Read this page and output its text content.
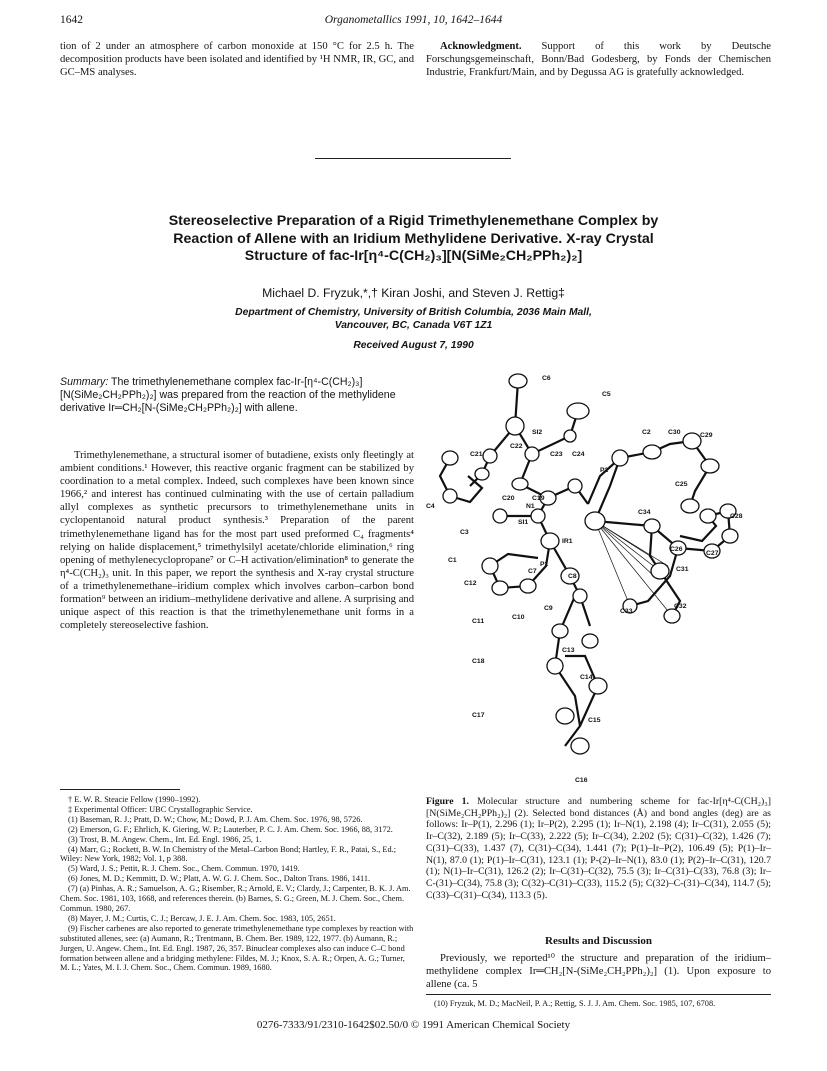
1642	Organometallics 1991, 10, 1642–1644

tion of 2 under an atmosphere of carbon monoxide at 150 °C for 2.5 h. The decomposition products have been isolated and identified by ¹H NMR, IR, GC, and GC–MS analyses.

Acknowledgment. Support of this work by Deutsche Forschungsgemeinschaft, Bonn/Bad Godesberg, by Fonds der Chemischen Industrie, Frankfurt/Main, and by Degussa AG is gratefully acknowledged.

Stereoselective Preparation of a Rigid Trimethylenemethane Complex by
Reaction of Allene with an Iridium Methylidene Derivative. X-ray Crystal
Structure of fac-Ir[η⁴-C(CH₂)₃][N(SiMe₂CH₂PPh₂)₂]
Michael D. Fryzuk,*,† Kiran Joshi, and Steven J. Rettig‡
Department of Chemistry, University of British Columbia, 2036 Main Mall,
Vancouver, BC, Canada V6T 1Z1
Received August 7, 1990
Summary: The trimethylenemethane complex fac-Ir-[η⁴-C(CH₂)₃][N(SiMe₂CH₂PPh₂)₂] was prepared from the reaction of the methylidene derivative Ir═CH₂[N-(SiMe₂CH₂PPh₂)₂] with allene.

Trimethylenemethane, a structural isomer of butadiene, exists only fleetingly at ambient conditions.¹ However, this reactive organic fragment can be stabilized by coordination to a metal complex. Indeed, such complexes have been known since 1966,² and interest has continued culminating with the use of certain palladium allyl complexes as synthetic precursors to trimethylenemethane units in cyclopentanoid natural product synthesis.³ Preparation of the parent trimethylenemethane ligand has for the most part used preformed C₄ fragments⁴ relying on halide displacement,⁵ trimethylsilyl acetate/chloride elimination,⁶ ring opening of methylenecyclopropane⁷ or C–H activation/elimination⁸ to generate the η⁴-C(CH₂)₃ unit. In this paper, we report the synthesis and X-ray crystal structure of a trimethylenemethane–iridium complex which involves carbon–carbon bond formation⁹ between an iridium–methylidene derivative and allene. A surprising and unique aspect of this reaction is that the trimethylenemethane unit forms in a completely stereoselective fashion.

† E. W. R. Steacie Fellow (1990–1992).

‡ Experimental Officer: UBC Crystallographic Service.

(1) Baseman, R. J.; Pratt, D. W.; Chow, M.; Dowd, P. J. Am. Chem. Soc. 1976, 98, 5726.

(2) Emerson, G. F.; Ehrlich, K. Giering, W. P.; Lauterber, P. C. J. Am. Chem. Soc. 1966, 88, 3172.

(3) Trost, B. M. Angew. Chem., Int. Ed. Engl. 1986, 25, 1.

(4) Marr, G.; Rockett, B. W. In Chemistry of the Metal–Carbon Bond; Hartley, F. R., Patai, S., Ed.; Wiley: New York, 1982; Vol. 1, p 388.

(5) Ward, J. S.; Pettit, R. J. Chem. Soc., Chem. Commun. 1970, 1419.

(6) Jones, M. D.; Kemmitt, D. W.; Platt, A. W. G. J. Chem. Soc., Dalton Trans. 1986, 1411.

(7) (a) Pinhas, A. R.; Samuelson, A. G.; Risember, R.; Arnold, E. V.; Clardy, J.; Carpenter, B. K. J. Am. Chem. Soc. 1981, 103, 1668, and references therein. (b) Barnes, S. G.; Green, M. J. Chem. Soc., Chem. Commun. 1980, 267.

(8) Mayer, J. M.; Curtis, C. J.; Bercaw, J. E. J. Am. Chem. Soc. 1983, 105, 2651.

(9) Fischer carbenes are also reported to generate trimethylenemethane type complexes by reaction with substituted allenes, see: (a) Aumann, R.; Trentmann, B. Chem. Ber. 1989, 122, 1977. (b) Aumann, R.; Jurgen, U. Angew. Chem., Int. Ed. Engl. 1987, 26, 357. Binuclear complexes also can induce C–C bond formation between allene and a bridging methylene: Fildes, M. J.; Knox, S. A. R.; Orpen, A. G.; Turner, M. L.; Yates, M. I. J. Chem. Soc., Chem. Commun. 1989, 1680.

C6
C5
SI2	C2	C30	C29
C21
C22
C23 C24
P2
C25
C4
C20	C19
N1
C34
C28
SI1
C3
IR1
C26
C27
C1
C7
P1
C8
C31
C12
C9	C33
C32
C11
C10
C13
C18
C14
C17
C15
C16
Figure 1. Molecular structure and numbering scheme for fac-Ir[η⁴-C(CH₂)₃][N(SiMe₂CH₂PPh₂)₂] (2). Selected bond distances (Å) and bond angles (deg) are as follows: Ir–P(1), 2.296 (1); Ir–P(2), 2.295 (1); Ir–N(1), 2.198 (4); Ir–C(31), 2.055 (5); Ir–C(32), 2.189 (5); Ir–C(33), 2.222 (5); Ir–C(34), 2.202 (5); C(31)–C(32), 1.426 (7); C(31)–C(33), 1.437 (7), C(31)–C(34), 1.441 (7); P(1)–Ir–P(2), 106.49 (5); P(1)–Ir–N(1), 87.0 (1); P(1)–Ir–C(31), 123.1 (1); P-(2)–Ir–N(1), 83.0 (1); P(2)–Ir–C(31), 120.7 (1); N(1)–Ir–C(31), 126.2 (2); Ir–C(31)–C(32), 75.5 (3); Ir–C(31)–C(33), 76.8 (3); Ir–C-(31)–C(34), 75.8 (3); C(32)–C(31)–C(33), 115.2 (5); C(32)–C-(31)–C(34), 114.7 (5); C(33)–C(31)–C(34), 113.3 (5).
Results and Discussion

Previously, we reported¹⁰ the structure and preparation of the iridium–methylidene complex Ir═CH₂[N-(SiMe₂CH₂PPh₂)₂] (1). Upon exposure to allene (ca. 5

(10) Fryzuk, M. D.; MacNeil, P. A.; Rettig, S. J. J. Am. Chem. Soc. 1985, 107, 6708.

0276-7333/91/2310-1642$02.50/0 © 1991 American Chemical Society
